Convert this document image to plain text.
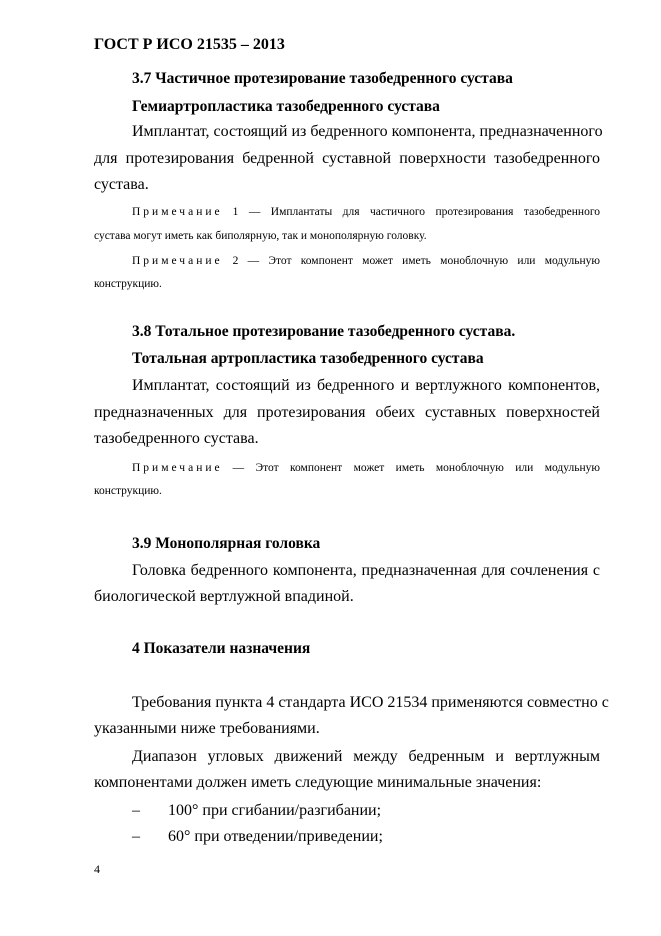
ГОСТ Р ИСО 21535 – 2013
3.7 Частичное протезирование тазобедренного сустава
Гемиартропластика тазобедренного сустава
Имплантат, состоящий из бедренного компонента, предназначенного
для протезирования бедренной суставной поверхности тазобедренного
сустава.
Примечание 1 — Имплантаты для частичного протезирования тазобедренного
сустава могут иметь как биполярную, так и монополярную головку.
Примечание 2 — Этот компонент может иметь моноблочную или модульную
конструкцию.
3.8 Тотальное протезирование тазобедренного сустава.
Тотальная артропластика тазобедренного сустава
Имплантат, состоящий из бедренного и вертлужного компонентов,
предназначенных для протезирования обеих суставных поверхностей
тазобедренного сустава.
Примечание — Этот компонент может иметь моноблочную или модульную
конструкцию.
3.9 Монополярная головка
Головка бедренного компонента, предназначенная для сочленения с
биологической вертлужной впадиной.
4 Показатели назначения
Требования пункта 4 стандарта ИСО 21534 применяются совместно с
указанными ниже требованиями.
Диапазон угловых движений между бедренным и вертлужным
компонентами должен иметь следующие минимальные значения:
– 100° при сгибании/разгибании;
– 60° при отведении/приведении;
4
